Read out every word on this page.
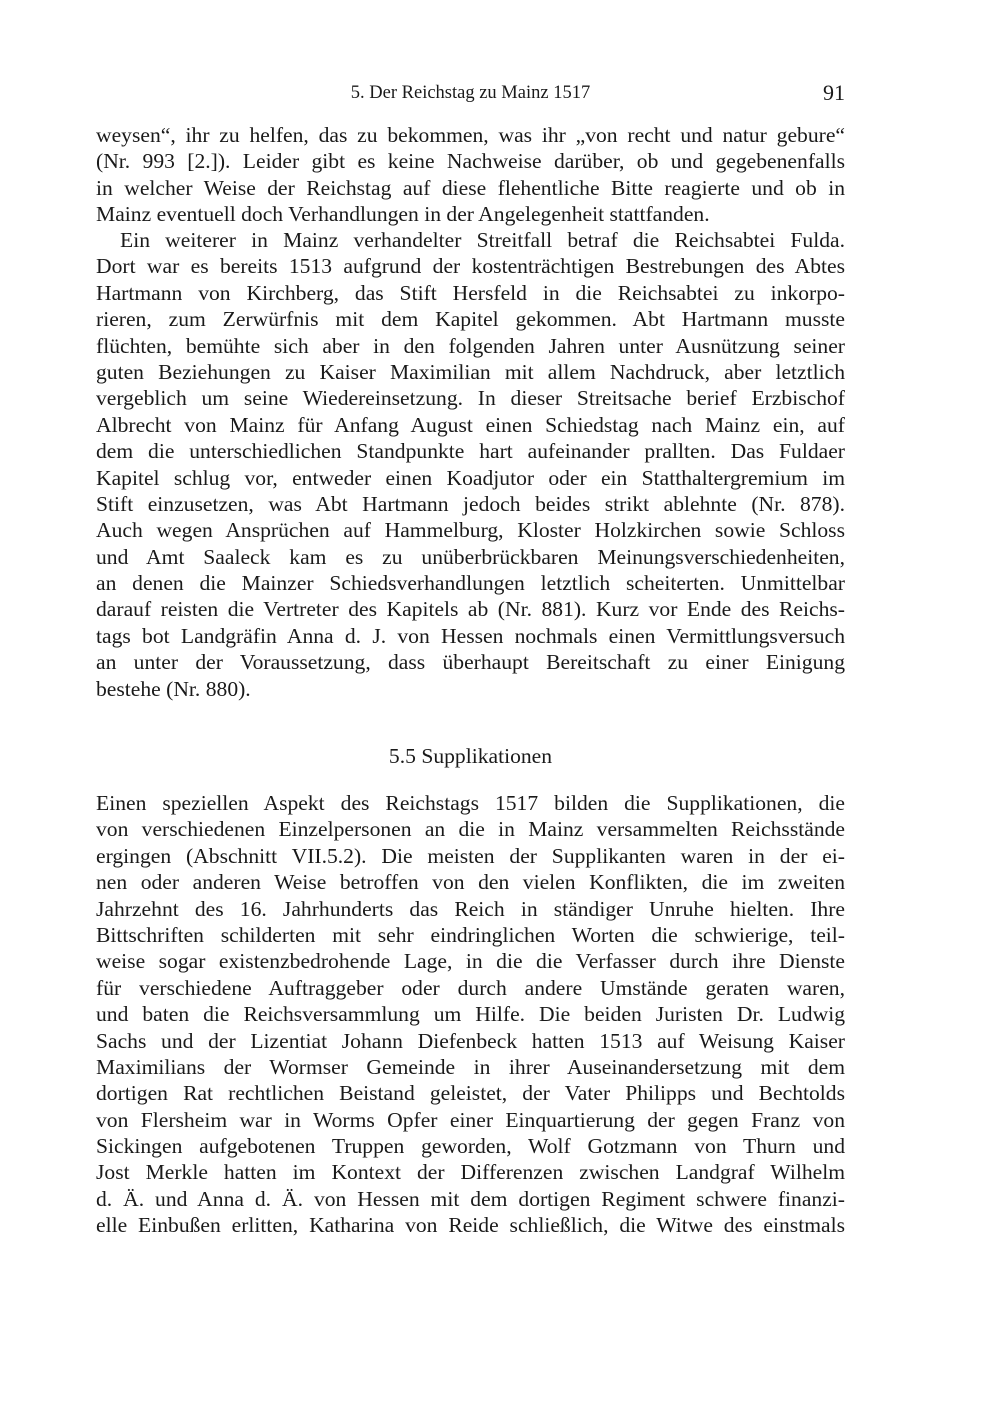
5. Der Reichstag zu Mainz 1517	91
weysen“, ihr zu helfen, das zu bekommen, was ihr „von recht und natur gebure“
(Nr. 993 [2.]). Leider gibt es keine Nachweise darüber, ob und gegebenenfalls
in welcher Weise der Reichstag auf diese flehentliche Bitte reagierte und ob in
Mainz eventuell doch Verhandlungen in der Angelegenheit stattfanden.
Ein weiterer in Mainz verhandelter Streitfall betraf die Reichsabtei Fulda.
Dort war es bereits 1513 aufgrund der kostenträchtigen Bestrebungen des Abtes
Hartmann von Kirchberg, das Stift Hersfeld in die Reichsabtei zu inkorpo-
rieren, zum Zerwürfnis mit dem Kapitel gekommen. Abt Hartmann musste
flüchten, bemühte sich aber in den folgenden Jahren unter Ausnützung seiner
guten Beziehungen zu Kaiser Maximilian mit allem Nachdruck, aber letztlich
vergeblich um seine Wiedereinsetzung. In dieser Streitsache berief Erzbischof
Albrecht von Mainz für Anfang August einen Schiedstag nach Mainz ein, auf
dem die unterschiedlichen Standpunkte hart aufeinander prallten. Das Fuldaer
Kapitel schlug vor, entweder einen Koadjutor oder ein Statthaltergremium im
Stift einzusetzen, was Abt Hartmann jedoch beides strikt ablehnte (Nr. 878).
Auch wegen Ansprüchen auf Hammelburg, Kloster Holzkirchen sowie Schloss
und Amt Saaleck kam es zu unüberbrückbaren Meinungsverschiedenheiten,
an denen die Mainzer Schiedsverhandlungen letztlich scheiterten. Unmittelbar
darauf reisten die Vertreter des Kapitels ab (Nr. 881). Kurz vor Ende des Reichs-
tags bot Landgräfin Anna d. J. von Hessen nochmals einen Vermittlungsversuch
an unter der Voraussetzung, dass überhaupt Bereitschaft zu einer Einigung
bestehe (Nr. 880).
5.5 Supplikationen
Einen speziellen Aspekt des Reichstags 1517 bilden die Supplikationen, die
von verschiedenen Einzelpersonen an die in Mainz versammelten Reichsstände
ergingen (Abschnitt VII.5.2). Die meisten der Supplikanten waren in der ei-
nen oder anderen Weise betroffen von den vielen Konflikten, die im zweiten
Jahrzehnt des 16. Jahrhunderts das Reich in ständiger Unruhe hielten. Ihre
Bittschriften schilderten mit sehr eindringlichen Worten die schwierige, teil-
weise sogar existenzbedrohende Lage, in die die Verfasser durch ihre Dienste
für verschiedene Auftraggeber oder durch andere Umstände geraten waren,
und baten die Reichsversammlung um Hilfe. Die beiden Juristen Dr. Ludwig
Sachs und der Lizentiat Johann Diefenbeck hatten 1513 auf Weisung Kaiser
Maximilians der Wormser Gemeinde in ihrer Auseinandersetzung mit dem
dortigen Rat rechtlichen Beistand geleistet, der Vater Philipps und Bechtolds
von Flersheim war in Worms Opfer einer Einquartierung der gegen Franz von
Sickingen aufgebotenen Truppen geworden, Wolf Gotzmann von Thurn und
Jost Merkle hatten im Kontext der Differenzen zwischen Landgraf Wilhelm
d. Ä. und Anna d. Ä. von Hessen mit dem dortigen Regiment schwere finanzi-
elle Einbußen erlitten, Katharina von Reide schließlich, die Witwe des einstmals
